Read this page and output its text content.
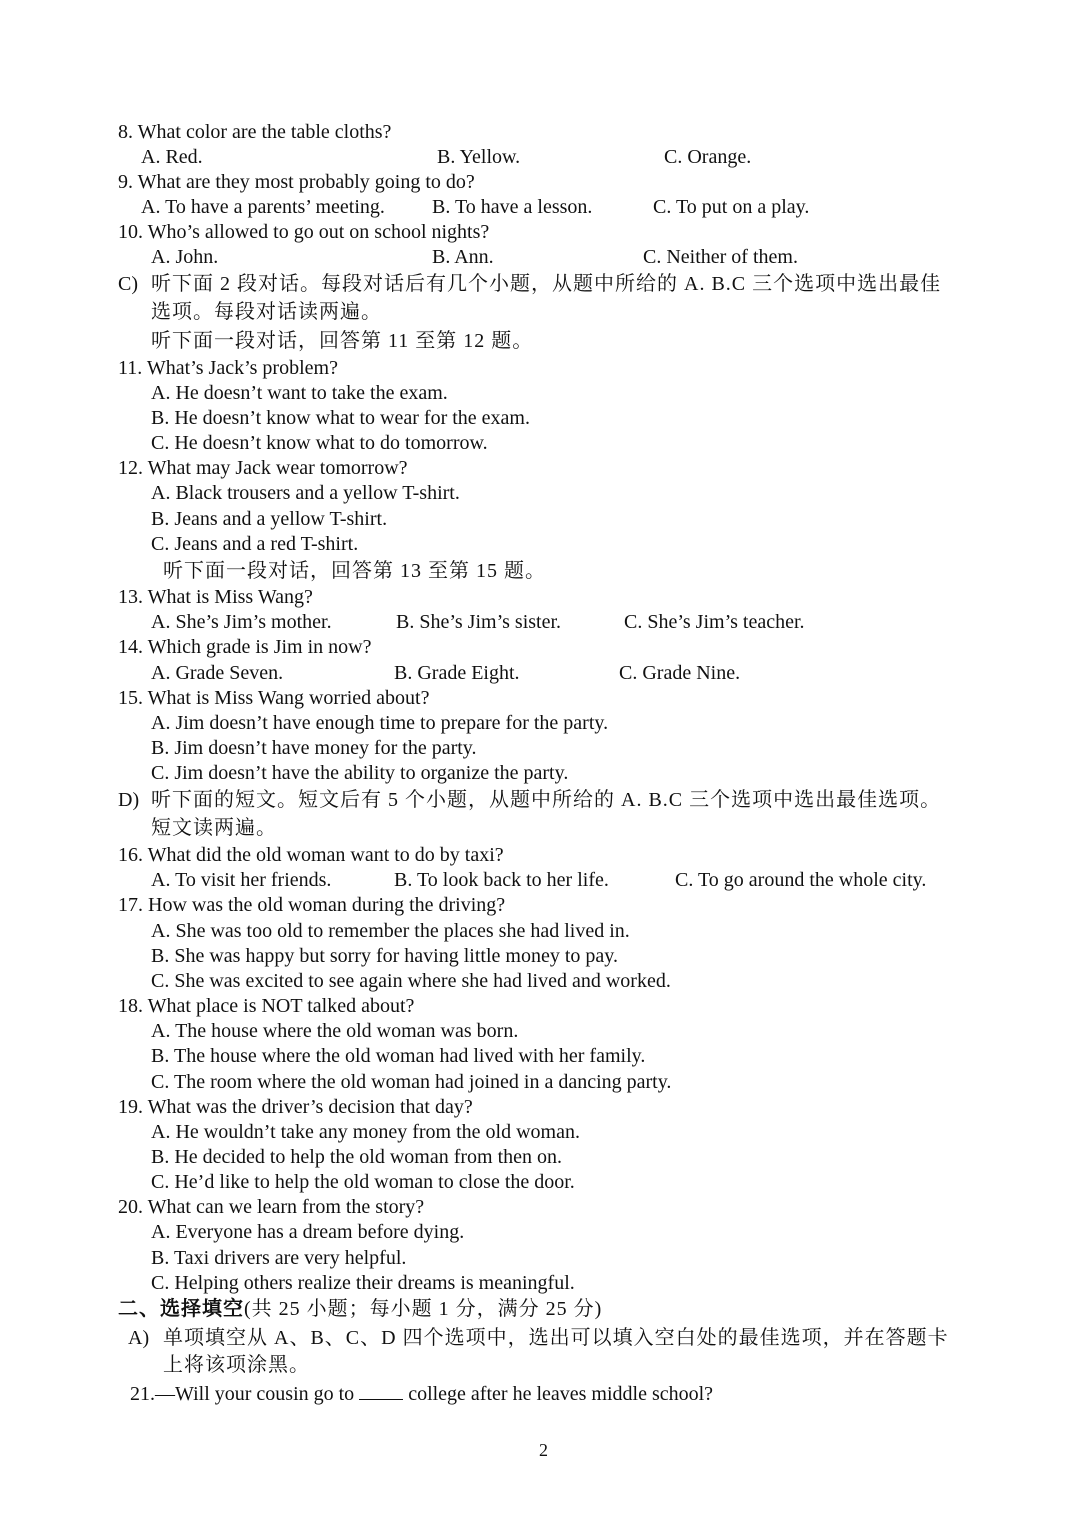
8. What color are the table cloths?
A. Red.	B. Yellow.	C. Orange.
9. What are they most probably going to do?
A. To have a parents’ meeting. B. To have a lesson.	C. To put on a play.
10. Who’s allowed to go out on school nights?
A. John.	B. Ann.	C. Neither of them.
C) 听下面 2 段对话。每段对话后有几个小题，从题中所给的 A. B.C 三个选项中选出最佳
选项。每段对话读两遍。
听下面一段对话，回答第 11 至第 12 题。
11. What’s Jack’s problem?
A. He doesn’t want to take the exam.
B. He doesn’t know what to wear for the exam.
C. He doesn’t know what to do tomorrow.
12. What may Jack wear tomorrow?
A. Black trousers and a yellow T-shirt.
B. Jeans and a yellow T-shirt.
C. Jeans and a red T-shirt.
听下面一段对话，回答第 13 至第 15 题。
13. What is Miss Wang?
A. She’s Jim’s mother.	B. She’s Jim’s sister.	C. She’s Jim’s teacher.
14. Which grade is Jim in now?
A. Grade Seven.	B. Grade Eight.	C. Grade Nine.
15. What is Miss Wang worried about?
A. Jim doesn’t have enough time to prepare for the party.
B. Jim doesn’t have money for the party.
C. Jim doesn’t have the ability to organize the party.
D) 听下面的短文。短文后有 5 个小题，从题中所给的 A. B.C 三个选项中选出最佳选项。
短文读两遍。
16. What did the old woman want to do by taxi?
A. To visit her friends.	B. To look back to her life.	C. To go around the whole city.
17. How was the old woman during the driving?
A. She was too old to remember the places she had lived in.
B. She was happy but sorry for having little money to pay.
C. She was excited to see again where she had lived and worked.
18. What place is NOT talked about?
A. The house where the old woman was born.
B. The house where the old woman had lived with her family.
C. The room where the old woman had joined in a dancing party.
19. What was the driver’s decision that day?
A. He wouldn’t take any money from the old woman.
B. He decided to help the old woman from then on.
C. He’d like to help the old woman to close the door.
20. What can we learn from the story?
A. Everyone has a dream before dying.
B. Taxi drivers are very helpful.
C. Helping others realize their dreams is meaningful.
二、选择填空(共 25 小题；每小题 1 分，满分 25 分)
A) 单项填空从 A、B、C、D 四个选项中，选出可以填入空白处的最佳选项，并在答题卡
上将该项涂黑。
21.—Will your cousin go to	college after he leaves middle school?
2
